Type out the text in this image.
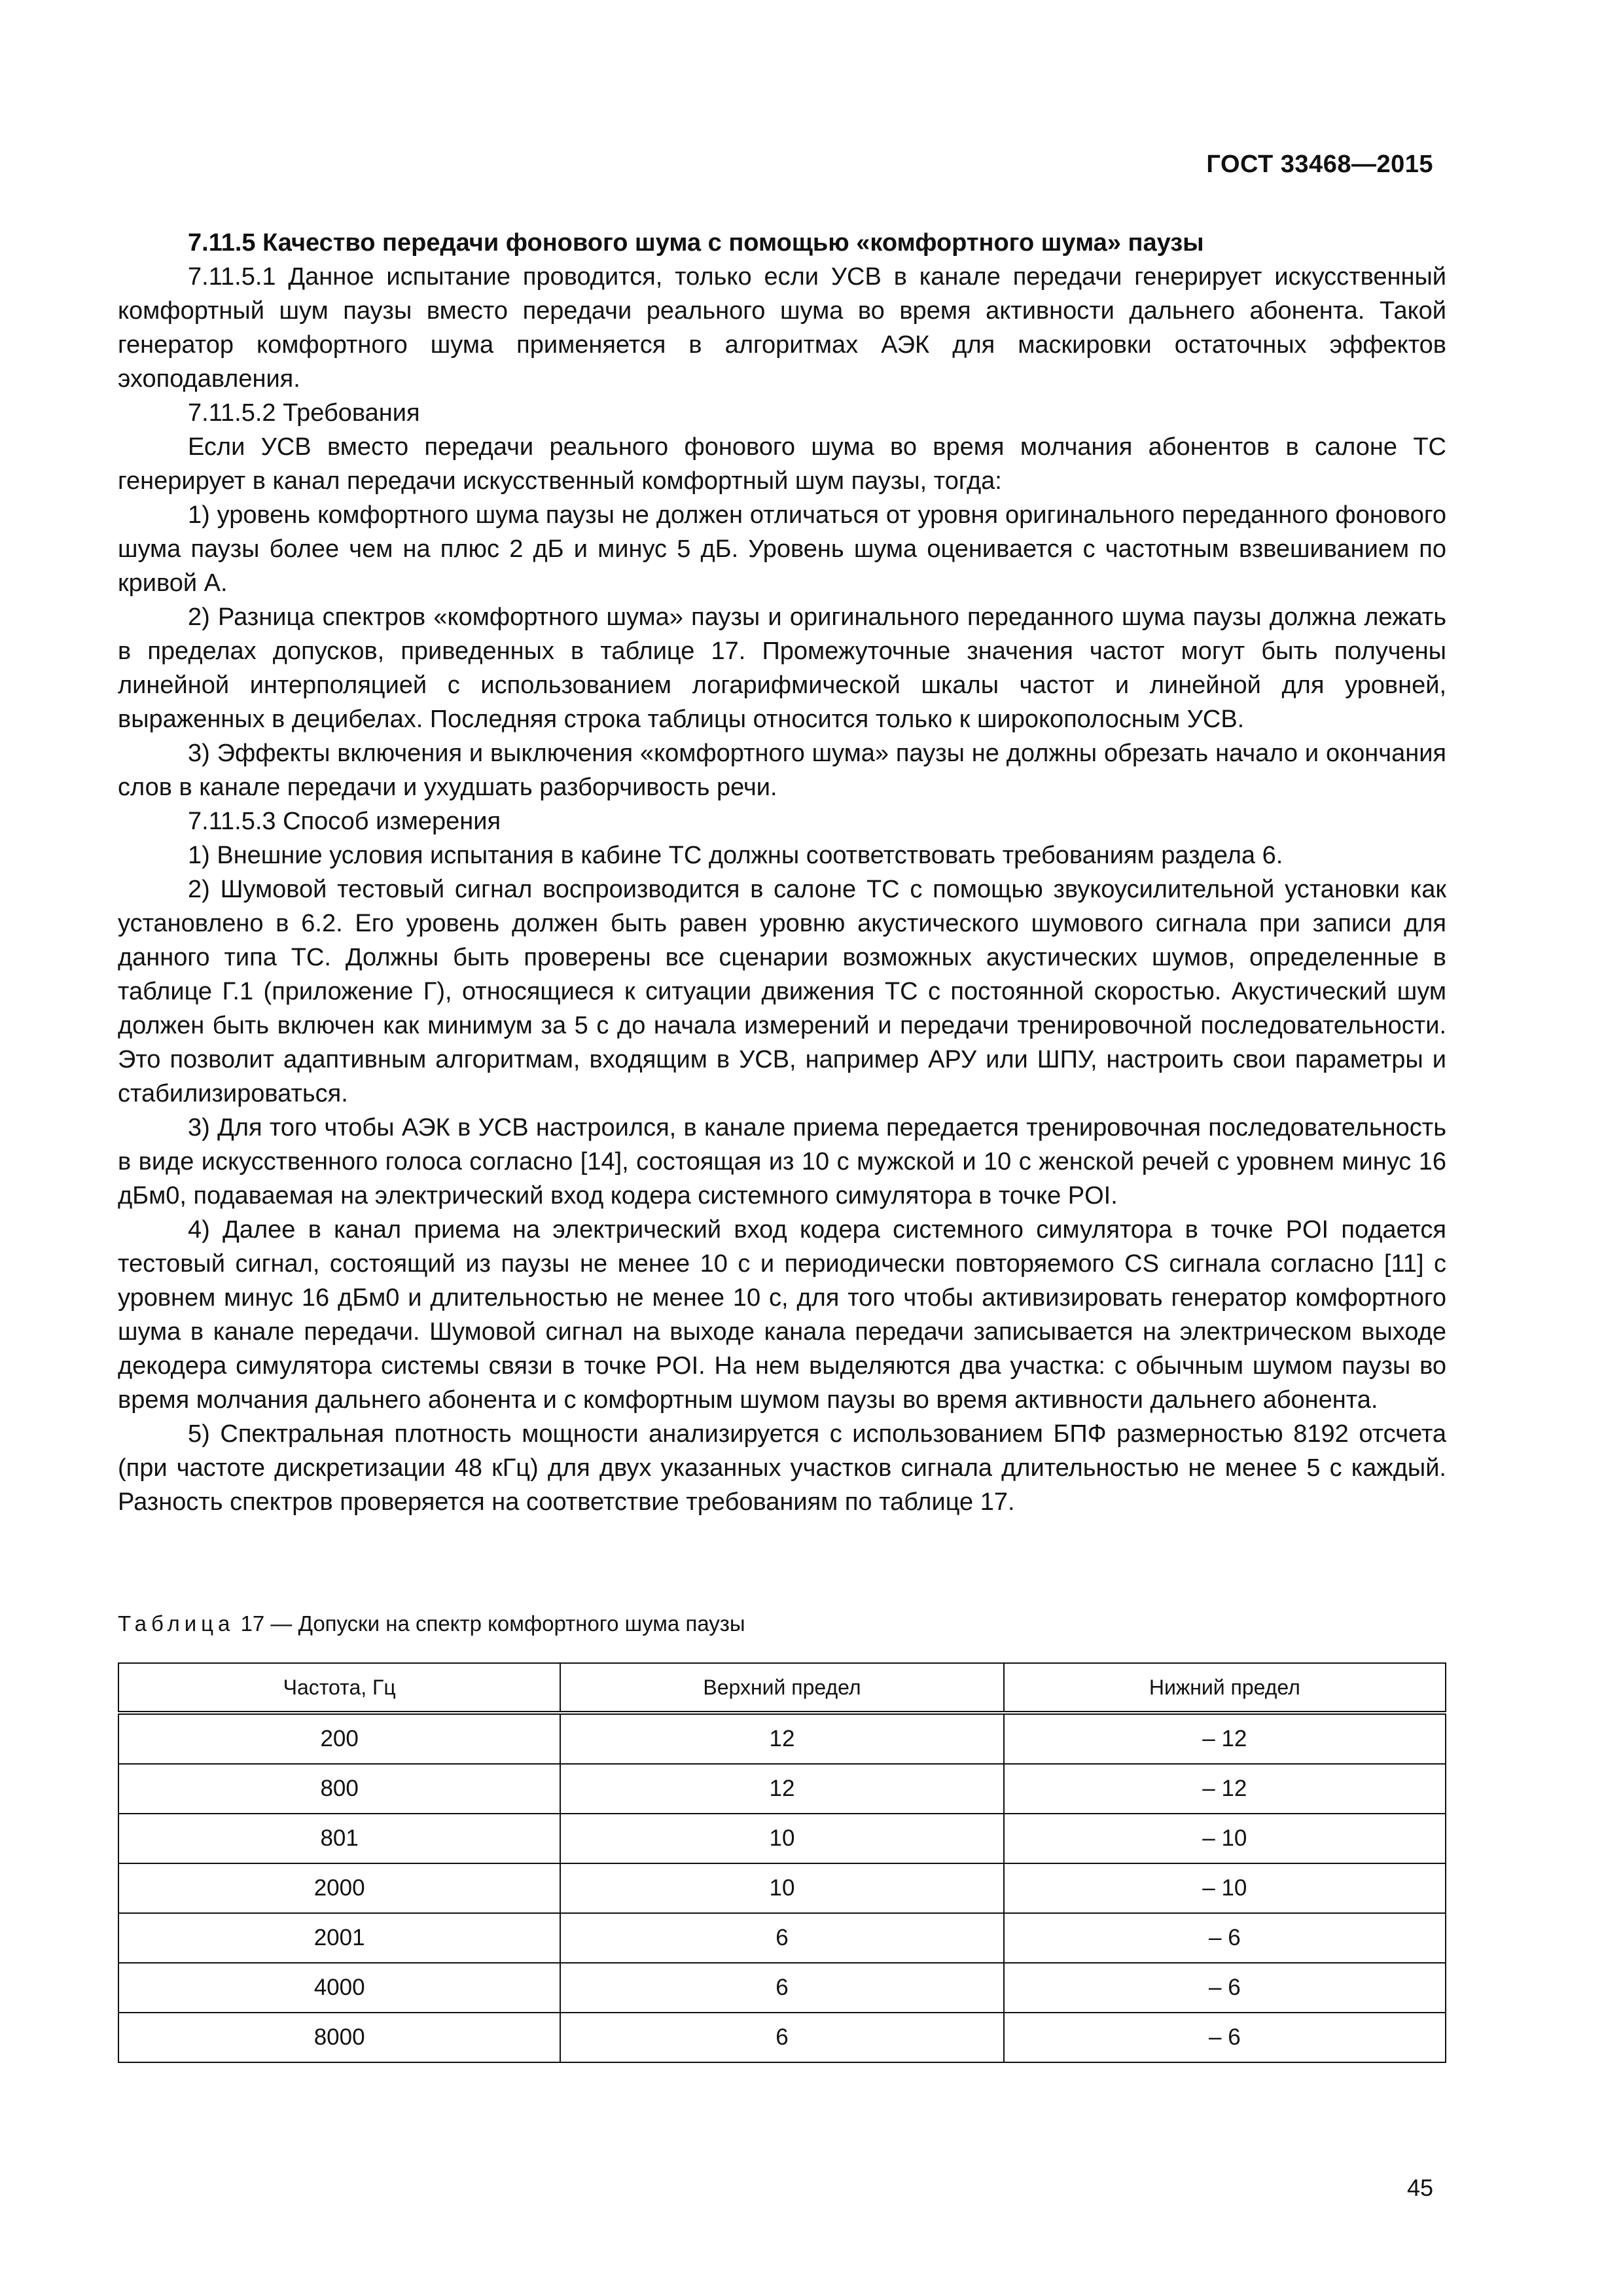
ГОСТ 33468—2015

7.11.5 Качество передачи фонового шума с помощью «комфортного шума» паузы

7.11.5.1 Данное испытание проводится, только если УСВ в канале передачи генерирует искусственный комфортный шум паузы вместо передачи реального шума во время активности дальнего абонента. Такой генератор комфортного шума применяется в алгоритмах АЭК для маскировки остаточных эффектов эхоподавления.

7.11.5.2 Требования

Если УСВ вместо передачи реального фонового шума во время молчания абонентов в салоне ТС генерирует в канал передачи искусственный комфортный шум паузы, тогда:

1) уровень комфортного шума паузы не должен отличаться от уровня оригинального переданного фонового шума паузы более чем на плюс 2 дБ и минус 5 дБ. Уровень шума оценивается с частотным взвешиванием по кривой А.

2) Разница спектров «комфортного шума» паузы и оригинального переданного шума паузы должна лежать в пределах допусков, приведенных в таблице 17. Промежуточные значения частот могут быть получены линейной интерполяцией с использованием логарифмической шкалы частот и линейной для уровней, выраженных в децибелах. Последняя строка таблицы относится только к широкополосным УСВ.

3) Эффекты включения и выключения «комфортного шума» паузы не должны обрезать начало и окончания слов в канале передачи и ухудшать разборчивость речи.

7.11.5.3 Способ измерения

1) Внешние условия испытания в кабине ТС должны соответствовать требованиям раздела 6.

2) Шумовой тестовый сигнал воспроизводится в салоне ТС с помощью звукоусилительной установки как установлено в 6.2. Его уровень должен быть равен уровню акустического шумового сигнала при записи для данного типа ТС. Должны быть проверены все сценарии возможных акустических шумов, определенные в таблице Г.1 (приложение Г), относящиеся к ситуации движения ТС с постоянной скоростью. Акустический шум должен быть включен как минимум за 5 с до начала измерений и передачи тренировочной последовательности. Это позволит адаптивным алгоритмам, входящим в УСВ, например АРУ или ШПУ, настроить свои параметры и стабилизироваться.

3) Для того чтобы АЭК в УСВ настроился, в канале приема передается тренировочная последовательность в виде искусственного голоса согласно [14], состоящая из 10 с мужской и 10 с женской речей с уровнем минус 16 дБм0, подаваемая на электрический вход кодера системного симулятора в точке POI.

4) Далее в канал приема на электрический вход кодера системного симулятора в точке POI подается тестовый сигнал, состоящий из паузы не менее 10 с и периодически повторяемого CS сигнала согласно [11] с уровнем минус 16 дБм0 и длительностью не менее 10 с, для того чтобы активизировать генератор комфортного шума в канале передачи. Шумовой сигнал на выходе канала передачи записывается на электрическом выходе декодера симулятора системы связи в точке POI. На нем выделяются два участка: с обычным шумом паузы во время молчания дальнего абонента и с комфортным шумом паузы во время активности дальнего абонента.

5) Спектральная плотность мощности анализируется с использованием БПФ размерностью 8192 отсчета (при частоте дискретизации 48 кГц) для двух указанных участков сигнала длительностью не менее 5 с каждый. Разность спектров проверяется на соответствие требованиям по таблице 17.

Таблица 17 — Допуски на спектр комфортного шума паузы
Частота, Гц	Верхний предел	Нижний предел
200	12	– 12
800	12	– 12
801	10	– 10
2000	10	– 10
2001	6	– 6
4000	6	– 6
8000	6	– 6
45
